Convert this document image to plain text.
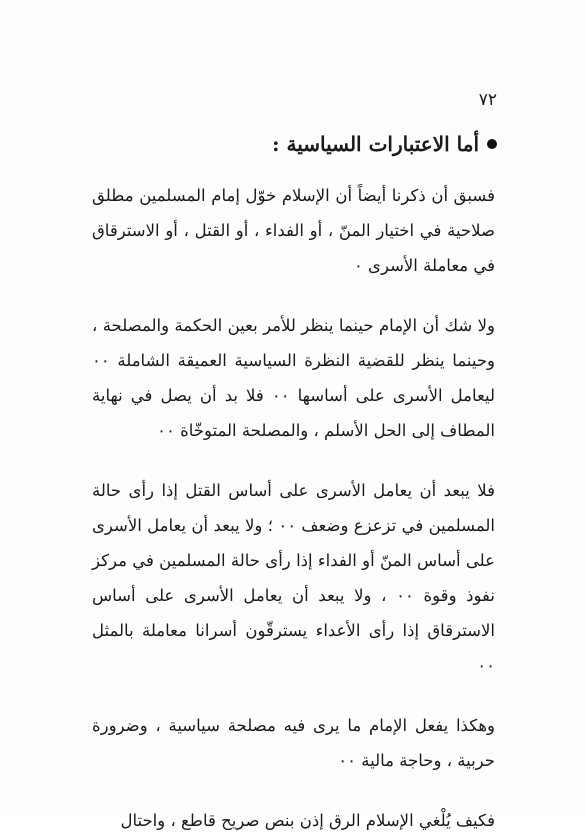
٧٢
أما الاعتبارات السياسية :

فسبق أن ذكرنا أيضاً أن الإسلام خوّل إمام المسلمين مطلق صلاحية في اختيار المنّ ، أو الفداء ، أو القتل ، أو الاسترقاق في معاملة الأسرى ٠

ولا شك أن الإمام حينما ينظر للأمر بعين الحكمة والمصلحة ، وحينما ينظر للقضية النظرة السياسية العميقة الشاملة ٠٠ ليعامل الأسرى على أساسها ٠٠ فلا بد أن يصل في نهاية المطاف إلى الحل الأسلم ، والمصلحة المتوخّاة ٠٠

فلا يبعد أن يعامل الأسرى على أساس القتل إذا رأى حالة المسلمين في تزعزع وضعف ٠٠ ؛ ولا يبعد أن يعامل الأسرى على أساس المنّ أو الفداء إذا رأى حالة المسلمين في مركز نفوذ وقوة ٠٠ ، ولا يبعد أن يعامل الأسرى على أساس الاسترقاق إذا رأى الأعداء يسترقّون أسرانا معاملة بالمثل ٠٠

وهكذا يفعل الإمام ما يرى فيه مصلحة سياسية ، وضرورة حربية ، وحاجة مالية ٠٠

فكيف يُلْغي الإسلام الرق إذن بنص صريح قاطع ، واحتال
